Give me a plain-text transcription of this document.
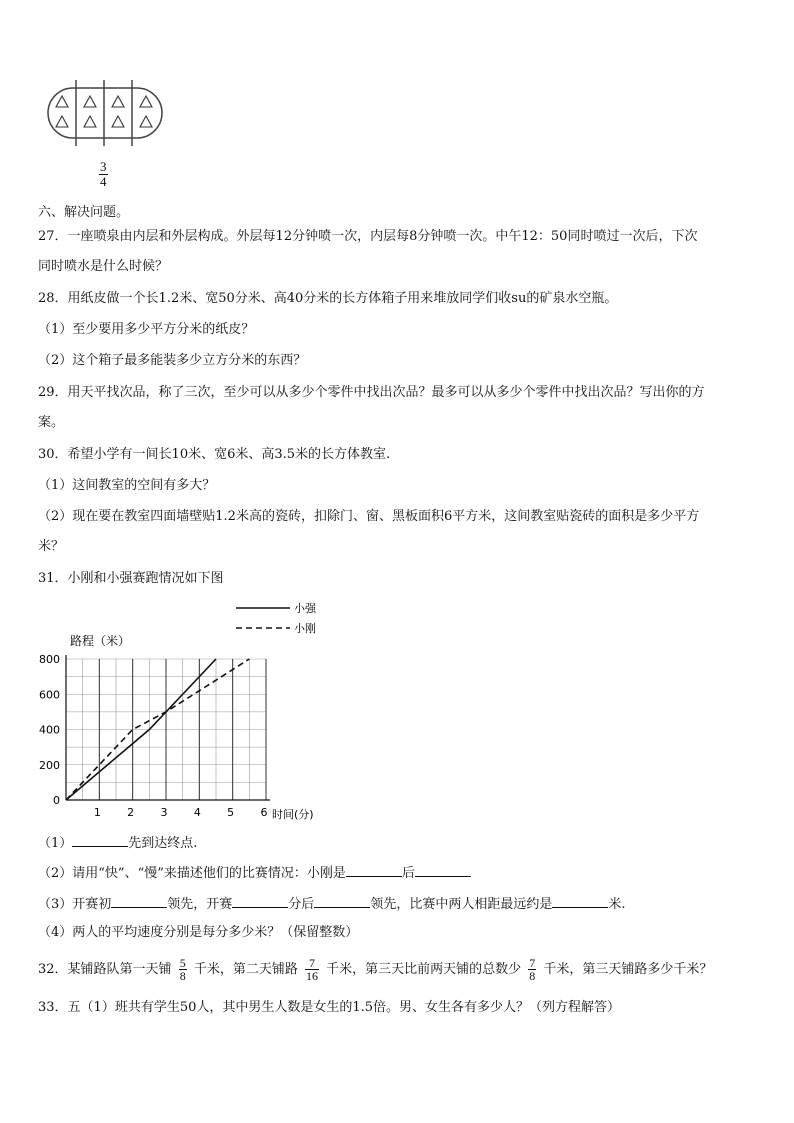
$\frac{3}{4}$
六、解决问题。
27．一座喷泉由内层和外层构成。外层每12分钟喷一次，内层每8分钟喷一次。中午12：50同时喷过一次后，下次
同时喷水是什么时候？
28．用纸皮做一个长1.2米、宽50分米、高40分米的长方体箱子用来堆放同学们收su的矿泉水空瓶。
（1）至少要用多少平方分米的纸皮？
（2）这个箱子最多能装多少立方分米的东西？
29．用天平找次品，称了三次，至少可以从多少个零件中找出次品？最多可以从多少个零件中找出次品？写出你的方
案。
30．希望小学有一间长10米、宽6米、高3.5米的长方体教室.
（1）这间教室的空间有多大？
（2）现在要在教室四面墙壁贴1.2米高的瓷砖，扣除门、窗、黑板面积6平方米，这间教室贴瓷砖的面积是多少平方
米？
31．小刚和小强赛跑情况如下图
1 2 3 4 5 6
0
200
400
600
800
时间(分)
路程（米）
小强
小刚
（1）	先到达终点.
（2）请用“快”、“慢”来描述他们的比赛情况：小刚是	后
（3）开赛初	领先，开赛	分后	领先，比赛中两人相距最远约是	米.
（4）两人的平均速度分别是每分多少米？（保留整数）
32．某铺路队第一天铺 $\frac{5}{8}$ 千米，第二天铺路 $\frac{7}{16}$ 千米，第三天比前两天铺的总数少 $\frac{7}{8}$ 千米，第三天铺路多少千米？
33．五（1）班共有学生50人，其中男生人数是女生的1.5倍。男、女生各有多少人？（列方程解答）
